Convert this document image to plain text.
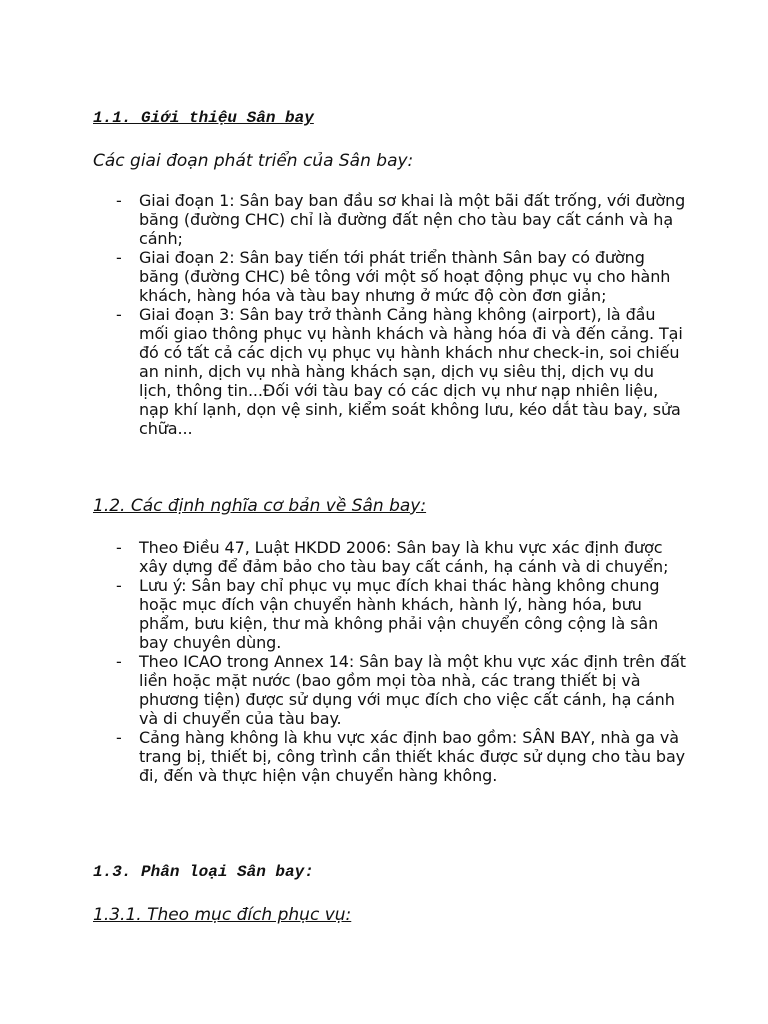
1.1. Giới thiệu Sân bay
Các giai đoạn phát triển của Sân bay:
- Giai đoạn 1: Sân bay ban đầu sơ khai là một bãi đất trống, với đường băng (đường CHC) chỉ là đường đất nện cho tàu bay cất cánh và hạ cánh;
- Giai đoạn 2: Sân bay tiến tới phát triển thành Sân bay có đường băng (đường CHC) bê tông với một số hoạt động phục vụ cho hành khách, hàng hóa và tàu bay nhưng ở mức độ còn đơn giản;
- Giai đoạn 3: Sân bay trở thành Cảng hàng không (airport), là đầu mối giao thông phục vụ hành khách và hàng hóa đi và đến cảng. Tại đó có tất cả các dịch vụ phục vụ hành khách như check-in, soi chiếu an ninh, dịch vụ nhà hàng khách sạn, dịch vụ siêu thị, dịch vụ du lịch, thông tin...Đối với tàu bay có các dịch vụ như nạp nhiên liệu, nạp khí lạnh, dọn vệ sinh, kiểm soát không lưu, kéo dắt tàu bay, sửa chữa...
1.2. Các định nghĩa cơ bản về Sân bay:
- Theo Điều 47, Luật HKDD 2006: Sân bay là khu vực xác định được xây dựng để đảm bảo cho tàu bay cất cánh, hạ cánh và di chuyển;
- Lưu ý: Sân bay chỉ phục vụ mục đích khai thác hàng không chung hoặc mục đích vận chuyển hành khách, hành lý, hàng hóa, bưu phẩm, bưu kiện, thư mà không phải vận chuyển công cộng là sân bay chuyên dùng.
- Theo ICAO trong Annex 14: Sân bay là một khu vực xác định trên đất liền hoặc mặt nước (bao gồm mọi tòa nhà, các trang thiết bị và phương tiện) được sử dụng với mục đích cho việc cất cánh, hạ cánh và di chuyển của tàu bay.
- Cảng hàng không là khu vực xác định bao gồm: SÂN BAY, nhà ga và trang bị, thiết bị, công trình cần thiết khác được sử dụng cho tàu bay đi, đến và thực hiện vận chuyển hàng không.
1.3. Phân loại Sân bay:
1.3.1. Theo mục đích phục vụ:
